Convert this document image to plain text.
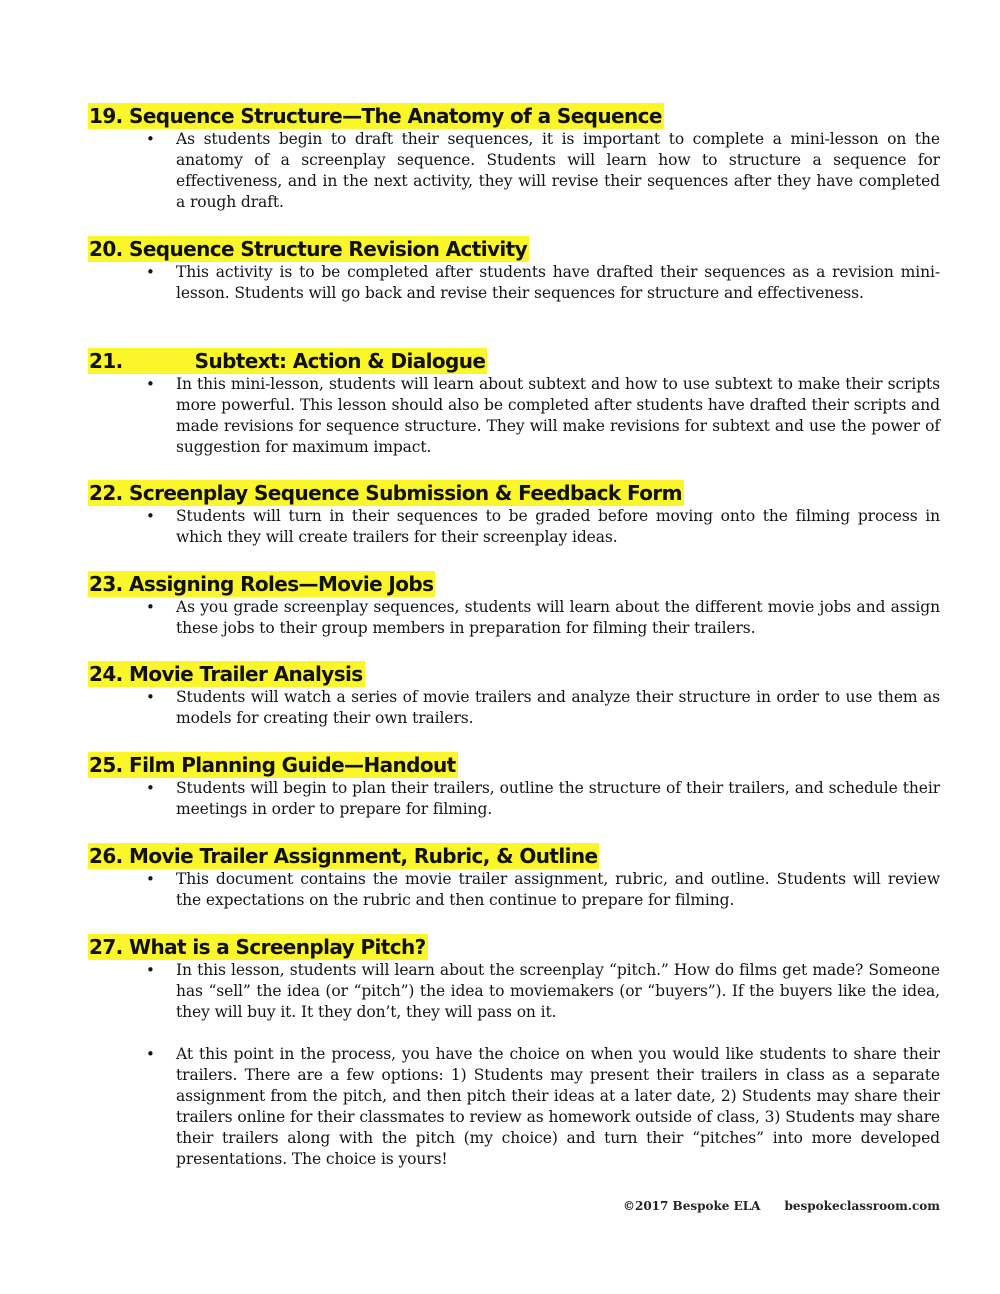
19. Sequence Structure—The Anatomy of a Sequence
• As students begin to draft their sequences, it is important to complete a mini-lesson on the anatomy of a screenplay sequence. Students will learn how to structure a sequence for effectiveness, and in the next activity, they will revise their sequences after they have completed a rough draft.
20. Sequence Structure Revision Activity
• This activity is to be completed after students have drafted their sequences as a revision mini-lesson. Students will go back and revise their sequences for structure and effectiveness.
21.	Subtext: Action & Dialogue
• In this mini-lesson, students will learn about subtext and how to use subtext to make their scripts more powerful. This lesson should also be completed after students have drafted their scripts and made revisions for sequence structure. They will make revisions for subtext and use the power of suggestion for maximum impact.
22. Screenplay Sequence Submission & Feedback Form
• Students will turn in their sequences to be graded before moving onto the filming process in which they will create trailers for their screenplay ideas.
23. Assigning Roles—Movie Jobs
• As you grade screenplay sequences, students will learn about the different movie jobs and assign these jobs to their group members in preparation for filming their trailers.
24. Movie Trailer Analysis
• Students will watch a series of movie trailers and analyze their structure in order to use them as models for creating their own trailers.
25. Film Planning Guide—Handout
• Students will begin to plan their trailers, outline the structure of their trailers, and schedule their meetings in order to prepare for filming.
26. Movie Trailer Assignment, Rubric, & Outline
• This document contains the movie trailer assignment, rubric, and outline. Students will review the expectations on the rubric and then continue to prepare for filming.
27. What is a Screenplay Pitch?
• In this lesson, students will learn about the screenplay “pitch.” How do films get made? Someone has “sell” the idea (or “pitch”) the idea to moviemakers (or “buyers”). If the buyers like the idea, they will buy it. It they don’t, they will pass on it.
• At this point in the process, you have the choice on when you would like students to share their trailers. There are a few options: 1) Students may present their trailers in class as a separate assignment from the pitch, and then pitch their ideas at a later date, 2) Students may share their trailers online for their classmates to review as homework outside of class, 3) Students may share their trailers along with the pitch (my choice) and turn their “pitches” into more developed presentations. The choice is yours!
©2017 Bespoke ELA bespokeclassroom.com
